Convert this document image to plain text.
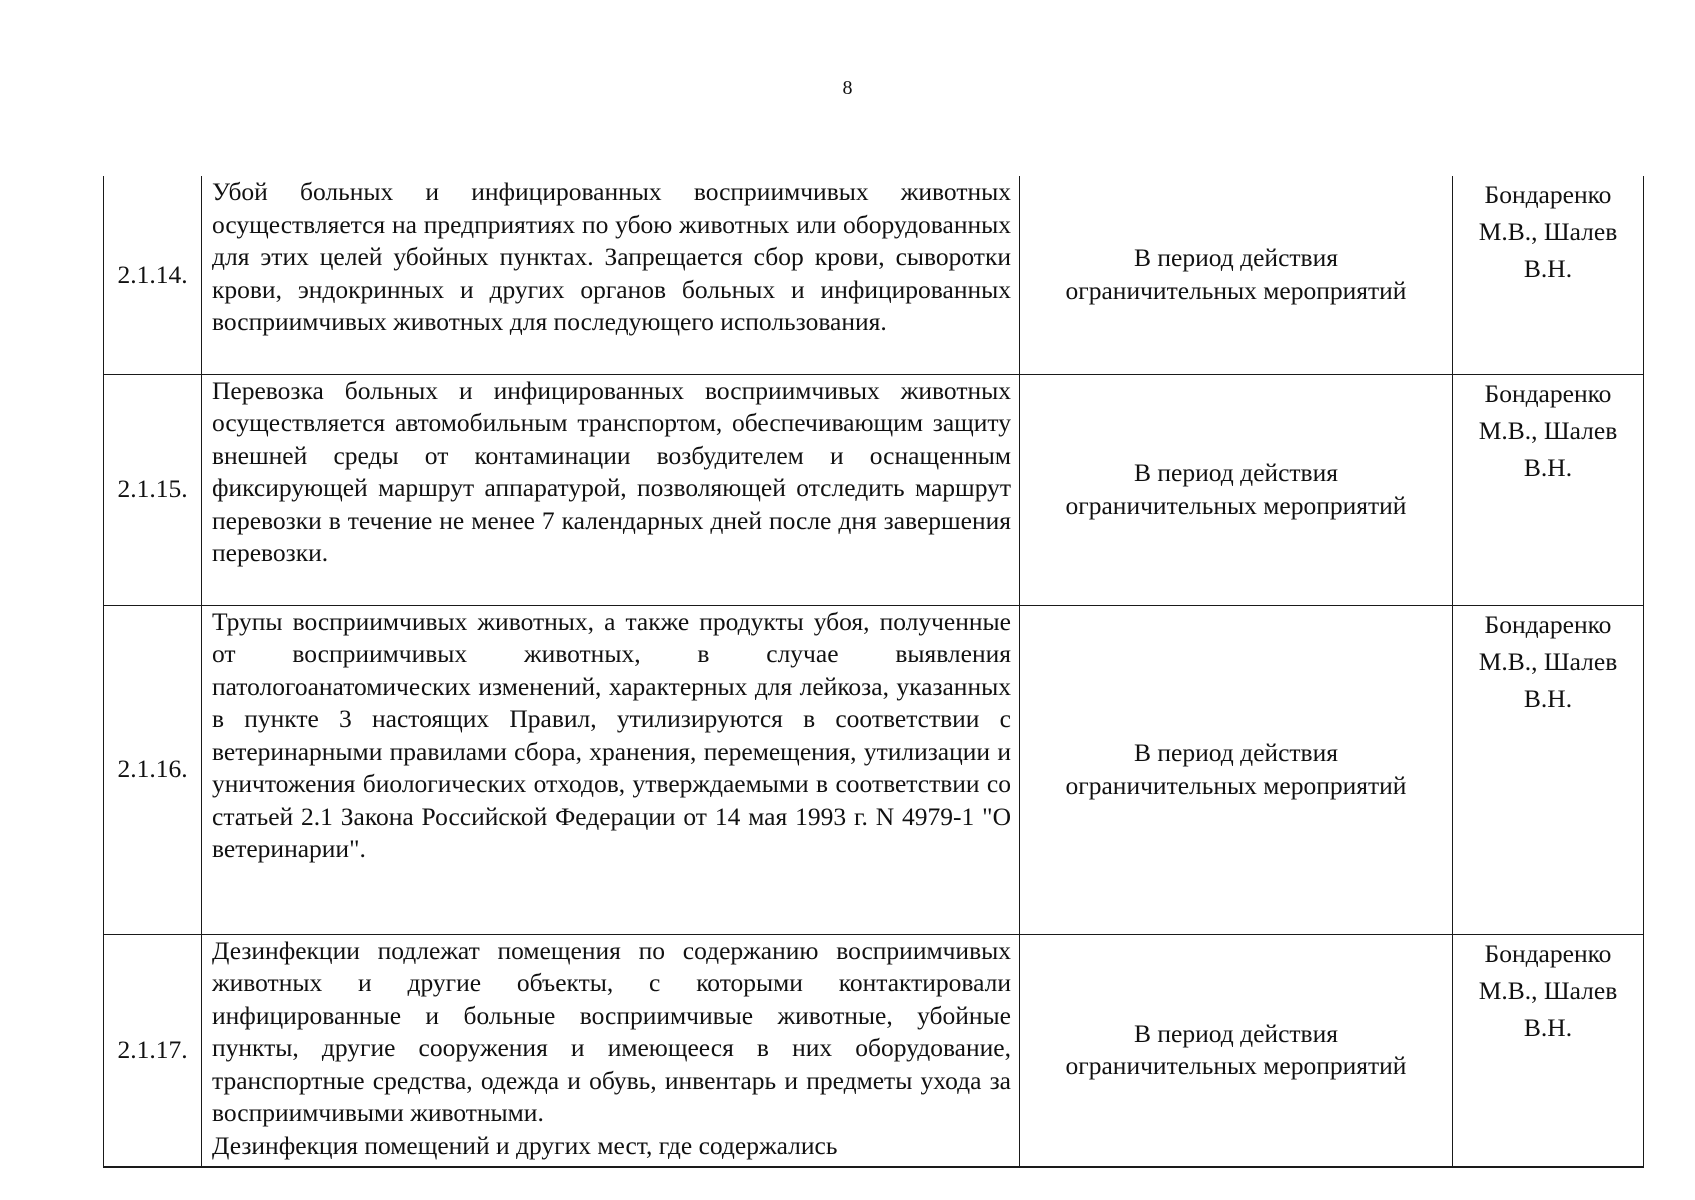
8
2.1.14.	Убой больных и инфицированных восприимчивых животных осуществляется на предприятиях по убою животных или оборудованных для этих целей убойных пунктах. Запрещается сбор крови, сыворотки крови, эндокринных и других органов больных и инфицированных восприимчивых животных для последующего использования.	В период действия
ограничительных мероприятий	Бондаренко М.В., Шалев В.Н.
2.1.15.	Перевозка больных и инфицированных восприимчивых животных осуществляется автомобильным транспортом, обеспечивающим защиту внешней среды от контаминации возбудителем и оснащенным фиксирующей маршрут аппаратурой, позволяющей отследить маршрут перевозки в течение не менее 7 календарных дней после дня завершения перевозки.	В период действия
ограничительных мероприятий	Бондаренко М.В., Шалев В.Н.
2.1.16.	Трупы восприимчивых животных, а также продукты убоя, полученные от восприимчивых животных, в случае выявления патологоанатомических изменений, характерных для лейкоза, указанных в пункте 3 настоящих Правил, утилизируются в соответствии с ветеринарными правилами сбора, хранения, перемещения, утилизации и уничтожения биологических отходов, утверждаемыми в соответствии со статьей 2.1 Закона Российской Федерации от 14 мая 1993 г. N 4979-1 "О ветеринарии".	В период действия
ограничительных мероприятий	Бондаренко М.В., Шалев В.Н.
2.1.17.	Дезинфекции подлежат помещения по содержанию восприимчивых животных и другие объекты, с которыми контактировали инфицированные и больные восприимчивые животные, убойные пункты, другие сооружения и имеющееся в них оборудование, транспортные средства, одежда и обувь, инвентарь и предметы ухода за восприимчивыми животными.
Дезинфекция помещений и других мест, где содержались	В период действия
ограничительных мероприятий	Бондаренко М.В., Шалев В.Н.
